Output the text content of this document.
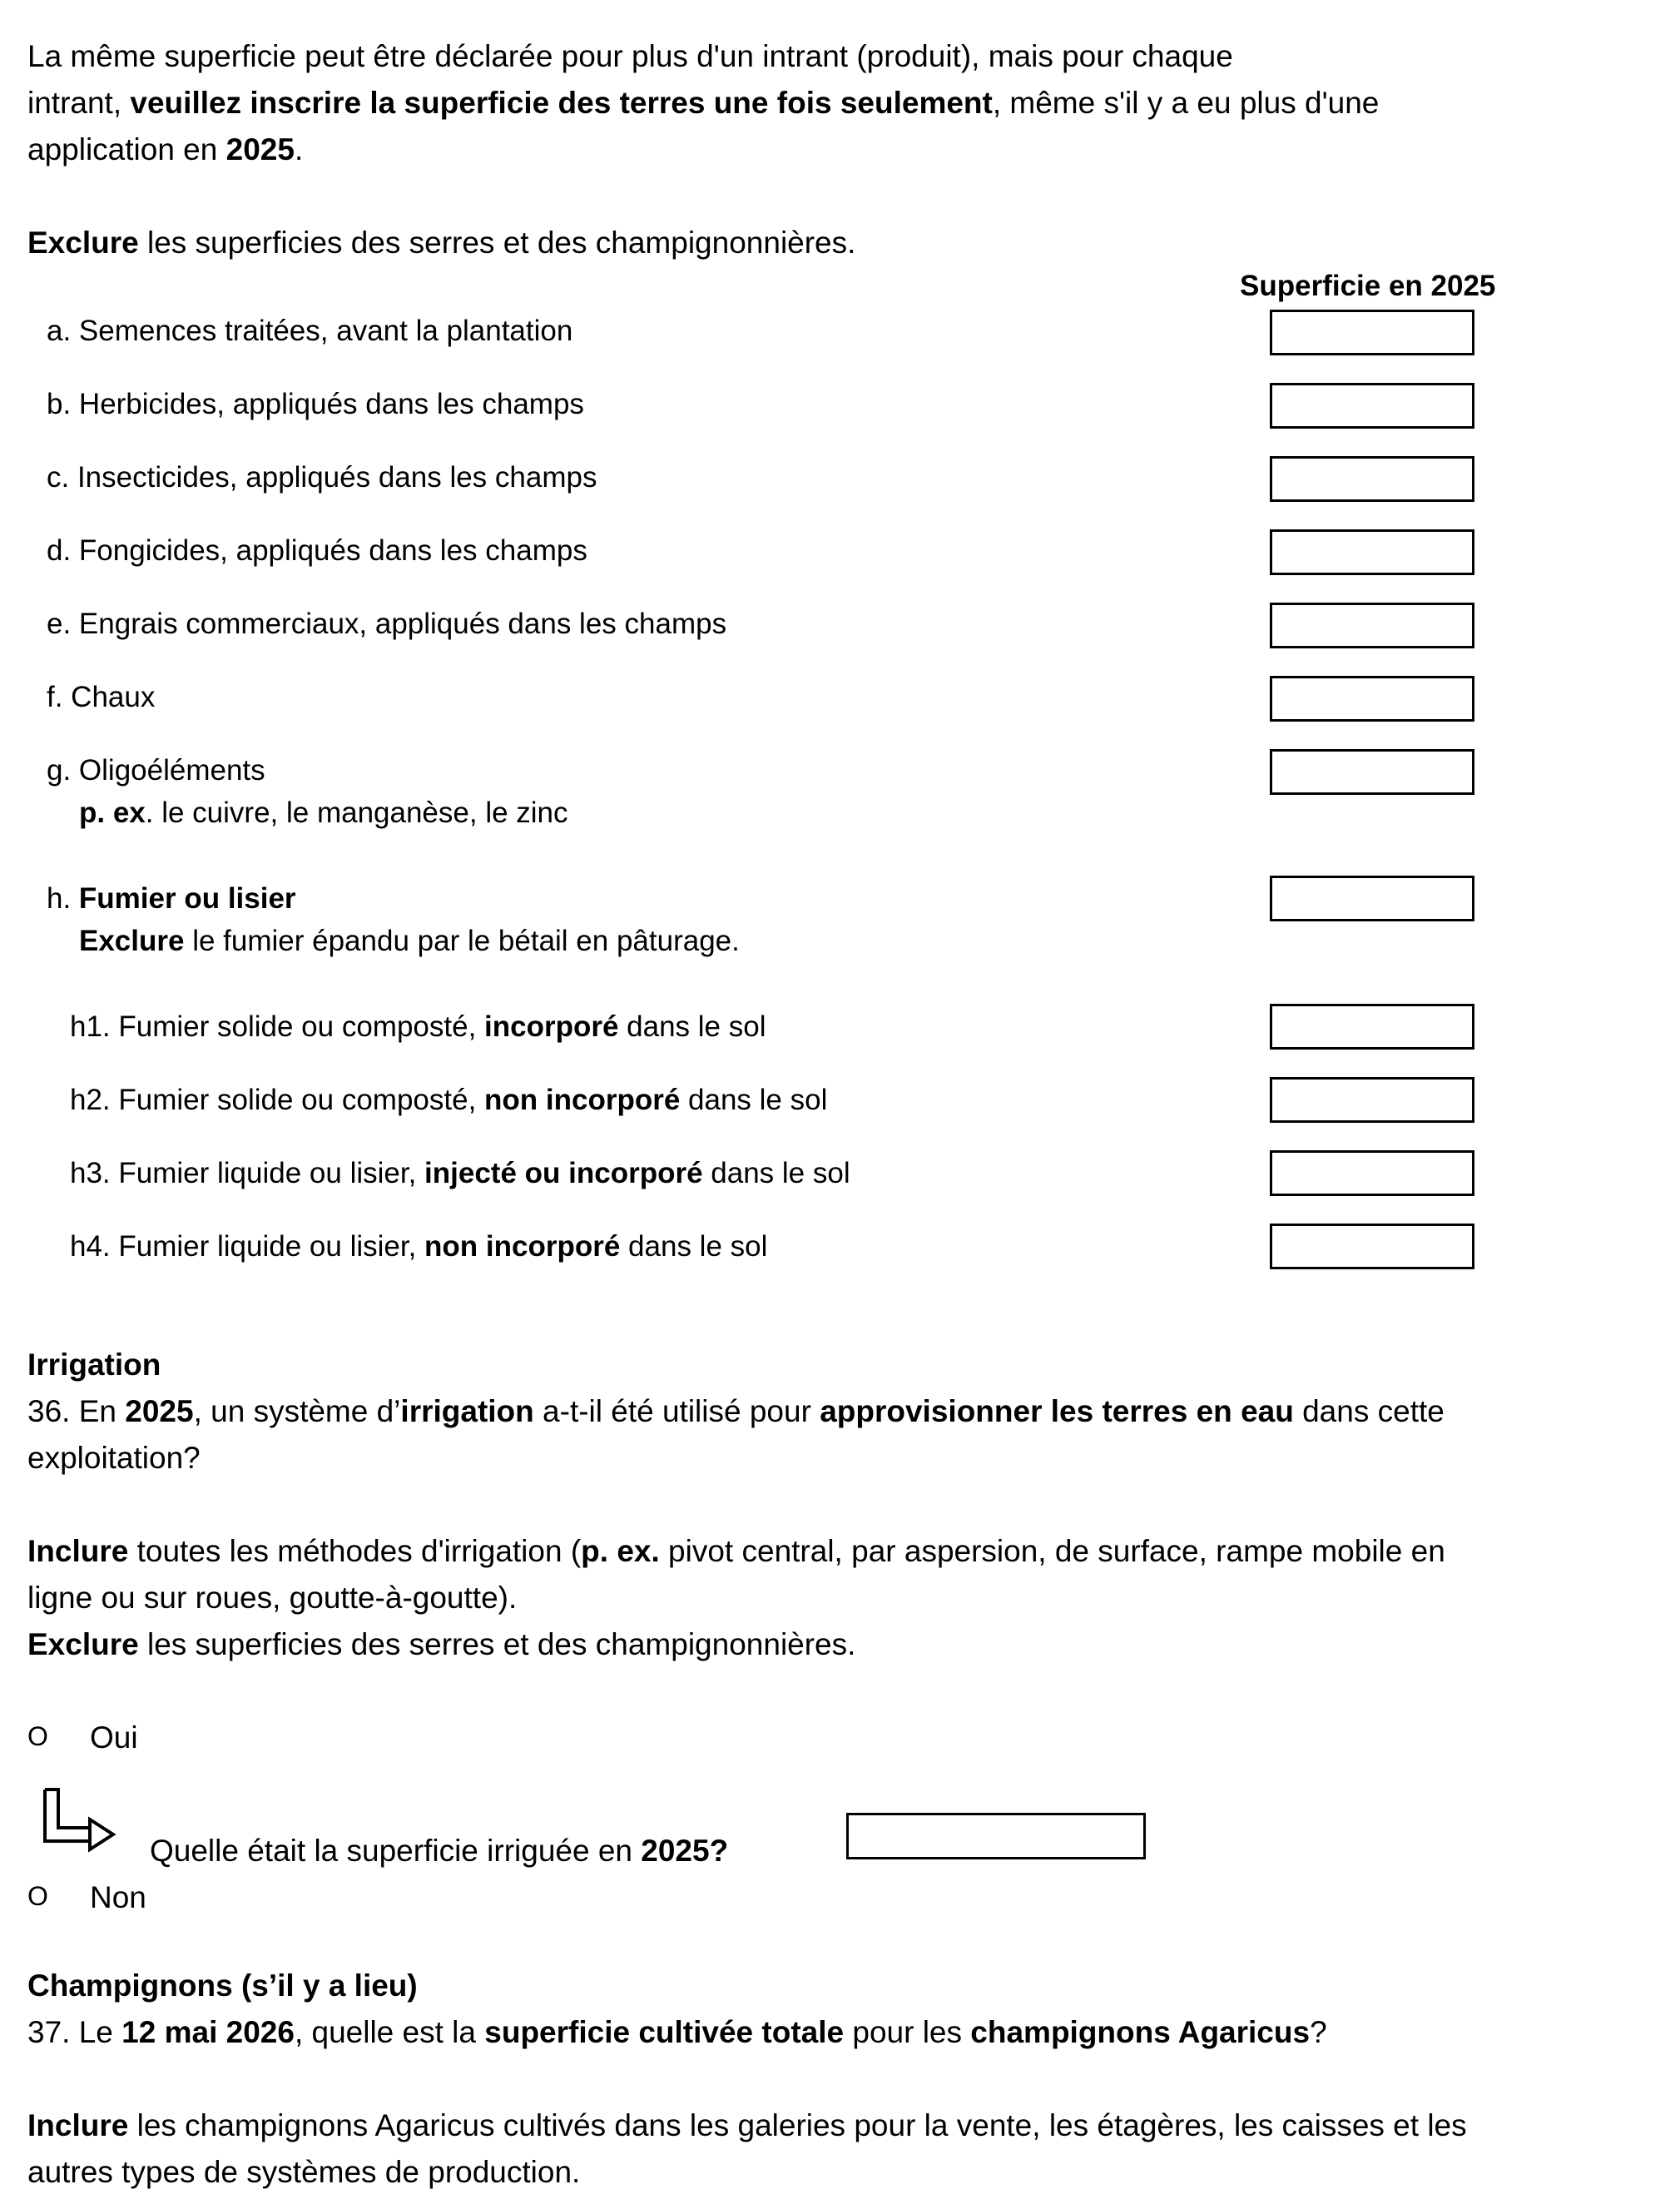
La même superficie peut être déclarée pour plus d'un intrant (produit), mais pour chaque
intrant, veuillez inscrire la superficie des terres une fois seulement, même s'il y a eu plus d'une
application en 2025.
Exclure les superficies des serres et des champignonnières.
Superficie en 2025
a. Semences traitées, avant la plantation
b. Herbicides, appliqués dans les champs
c. Insecticides, appliqués dans les champs
d. Fongicides, appliqués dans les champs
e. Engrais commerciaux, appliqués dans les champs
f. Chaux
g. Oligoéléments
p. ex. le cuivre, le manganèse, le zinc
h. Fumier ou lisier
Exclure le fumier épandu par le bétail en pâturage.
h1. Fumier solide ou composté, incorporé dans le sol
h2. Fumier solide ou composté, non incorporé dans le sol
h3. Fumier liquide ou lisier, injecté ou incorporé dans le sol
h4. Fumier liquide ou lisier, non incorporé dans le sol
Irrigation
36. En 2025, un système d’irrigation a-t-il été utilisé pour approvisionner les terres en eau dans cette
exploitation?
Inclure toutes les méthodes d'irrigation (p. ex. pivot central, par aspersion, de surface, rampe mobile en
ligne ou sur roues, goutte-à-goutte).
Exclure les superficies des serres et des champignonnières.
O Oui
Quelle était la superficie irriguée en 2025?
O Non
Champignons (s’il y a lieu)
37. Le 12 mai 2026, quelle est la superficie cultivée totale pour les champignons Agaricus?
Inclure les champignons Agaricus cultivés dans les galeries pour la vente, les étagères, les caisses et les
autres types de systèmes de production.
